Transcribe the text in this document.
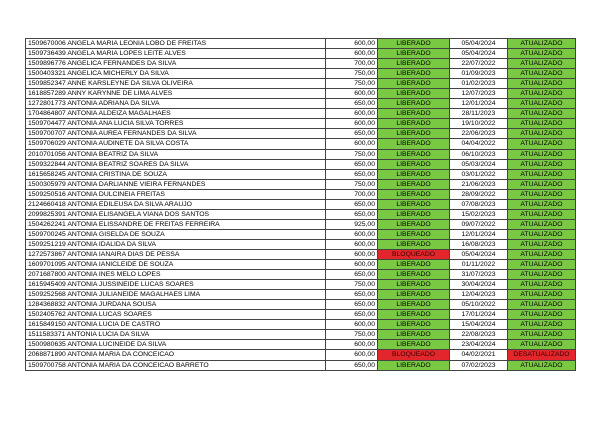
1509670006 ANGELA MARIA LEONIA LOBO DE FREITAS	600,00	LIBERADO	05/04/2024	ATUALIZADO
1509736439 ANGELA MARIA LOPES LEITE ALVES	600,00	LIBERADO	05/04/2024	ATUALIZADO
1509896776 ANGELICA FERNANDES DA SILVA	700,00	LIBERADO	22/07/2022	ATUALIZADO
1500403321 ANGELICA MICHERLY DA SILVA	750,00	LIBERADO	01/09/2023	ATUALIZADO
1509852347 ANNE KARSLEYNE DA SILVA OLIVEIRA	750,00	LIBERADO	01/02/2023	ATUALIZADO
1618857289 ANNY KARYNNE DE LIMA ALVES	600,00	LIBERADO	12/07/2023	ATUALIZADO
1272801773 ANTONIA ADRIANA DA SILVA	650,00	LIBERADO	12/01/2024	ATUALIZADO
1704864807 ANTONIA ALDEIZA MAGALHAES	600,00	LIBERADO	28/11/2023	ATUALIZADO
1509704477 ANTONIA ANA LUCIA SILVA TORRES	600,00	LIBERADO	19/10/2022	ATUALIZADO
1509700707 ANTONIA AUREA FERNANDES DA SILVA	650,00	LIBERADO	22/06/2023	ATUALIZADO
1509706029 ANTONIA AUDINETE DA SILVA COSTA	600,00	LIBERADO	04/04/2022	ATUALIZADO
2010701056 ANTONIA BEATRIZ DA SILVA	750,00	LIBERADO	06/10/2023	ATUALIZADO
1509322844 ANTONIA BEATRIZ SOARES DA SILVA	650,00	LIBERADO	05/03/2024	ATUALIZADO
1615658245 ANTONIA CRISTINA DE SOUZA	650,00	LIBERADO	03/01/2022	ATUALIZADO
1500305979 ANTONIA DARLIANNE VIEIRA FERNANDES	750,00	LIBERADO	21/06/2023	ATUALIZADO
1509250516 ANTONIA DULCINEIA FREITAS	700,00	LIBERADO	28/09/2022	ATUALIZADO
2124660418 ANTONIA EDILEUSA DA SILVA ARAUJO	650,00	LIBERADO	07/08/2023	ATUALIZADO
2099825391 ANTONIA ELISANGELA VIANA DOS SANTOS	650,00	LIBERADO	15/02/2023	ATUALIZADO
1504262241 ANTONIA ELISSANDRE DE FREITAS FERREIRA	925,00	LIBERADO	09/07/2022	ATUALIZADO
1509700245 ANTONIA GISELDA DE SOUZA	600,00	LIBERADO	12/01/2024	ATUALIZADO
1509251219 ANTONIA IDALIDA DA SILVA	600,00	LIBERADO	16/08/2023	ATUALIZADO
1272573867 ANTONIA IANAIRA DIAS DE PESSA	600,00	BLOQUEADO	05/04/2024	ATUALIZADO
1609701095 ANTONIA IANICLEIDE DE SOUZA	600,00	LIBERADO	01/11/2022	ATUALIZADO
2071687800 ANTONIA INES MELO LOPES	650,00	LIBERADO	31/07/2023	ATUALIZADO
1615945409 ANTONIA JUSSINEIDE LUCAS SOARES	750,00	LIBERADO	30/04/2024	ATUALIZADO
1509252568 ANTONIA JULIANEIDE MAGALHAES LIMA	650,00	LIBERADO	12/04/2023	ATUALIZADO
1284368832 ANTONIA JURDANA SOUSA	650,00	LIBERADO	05/10/2022	ATUALIZADO
1502405762 ANTONIA LUCAS SOARES	650,00	LIBERADO	17/01/2024	ATUALIZADO
1615849150 ANTONIA LUCIA DE CASTRO	600,00	LIBERADO	15/04/2024	ATUALIZADO
1511583371 ANTONIA LUCIA DA SILVA	750,00	LIBERADO	22/08/2023	ATUALIZADO
1500980635 ANTONIA LUCINEIDE DA SILVA	600,00	LIBERADO	23/04/2024	ATUALIZADO
2068871890 ANTONIA MARIA DA CONCEICAO	600,00	BLOQUEADO	04/02/2021	DESATUALIZADO
1509700758 ANTONIA MARIA DA CONCEICAO BARRETO	650,00	LIBERADO	07/02/2023	ATUALIZADO
